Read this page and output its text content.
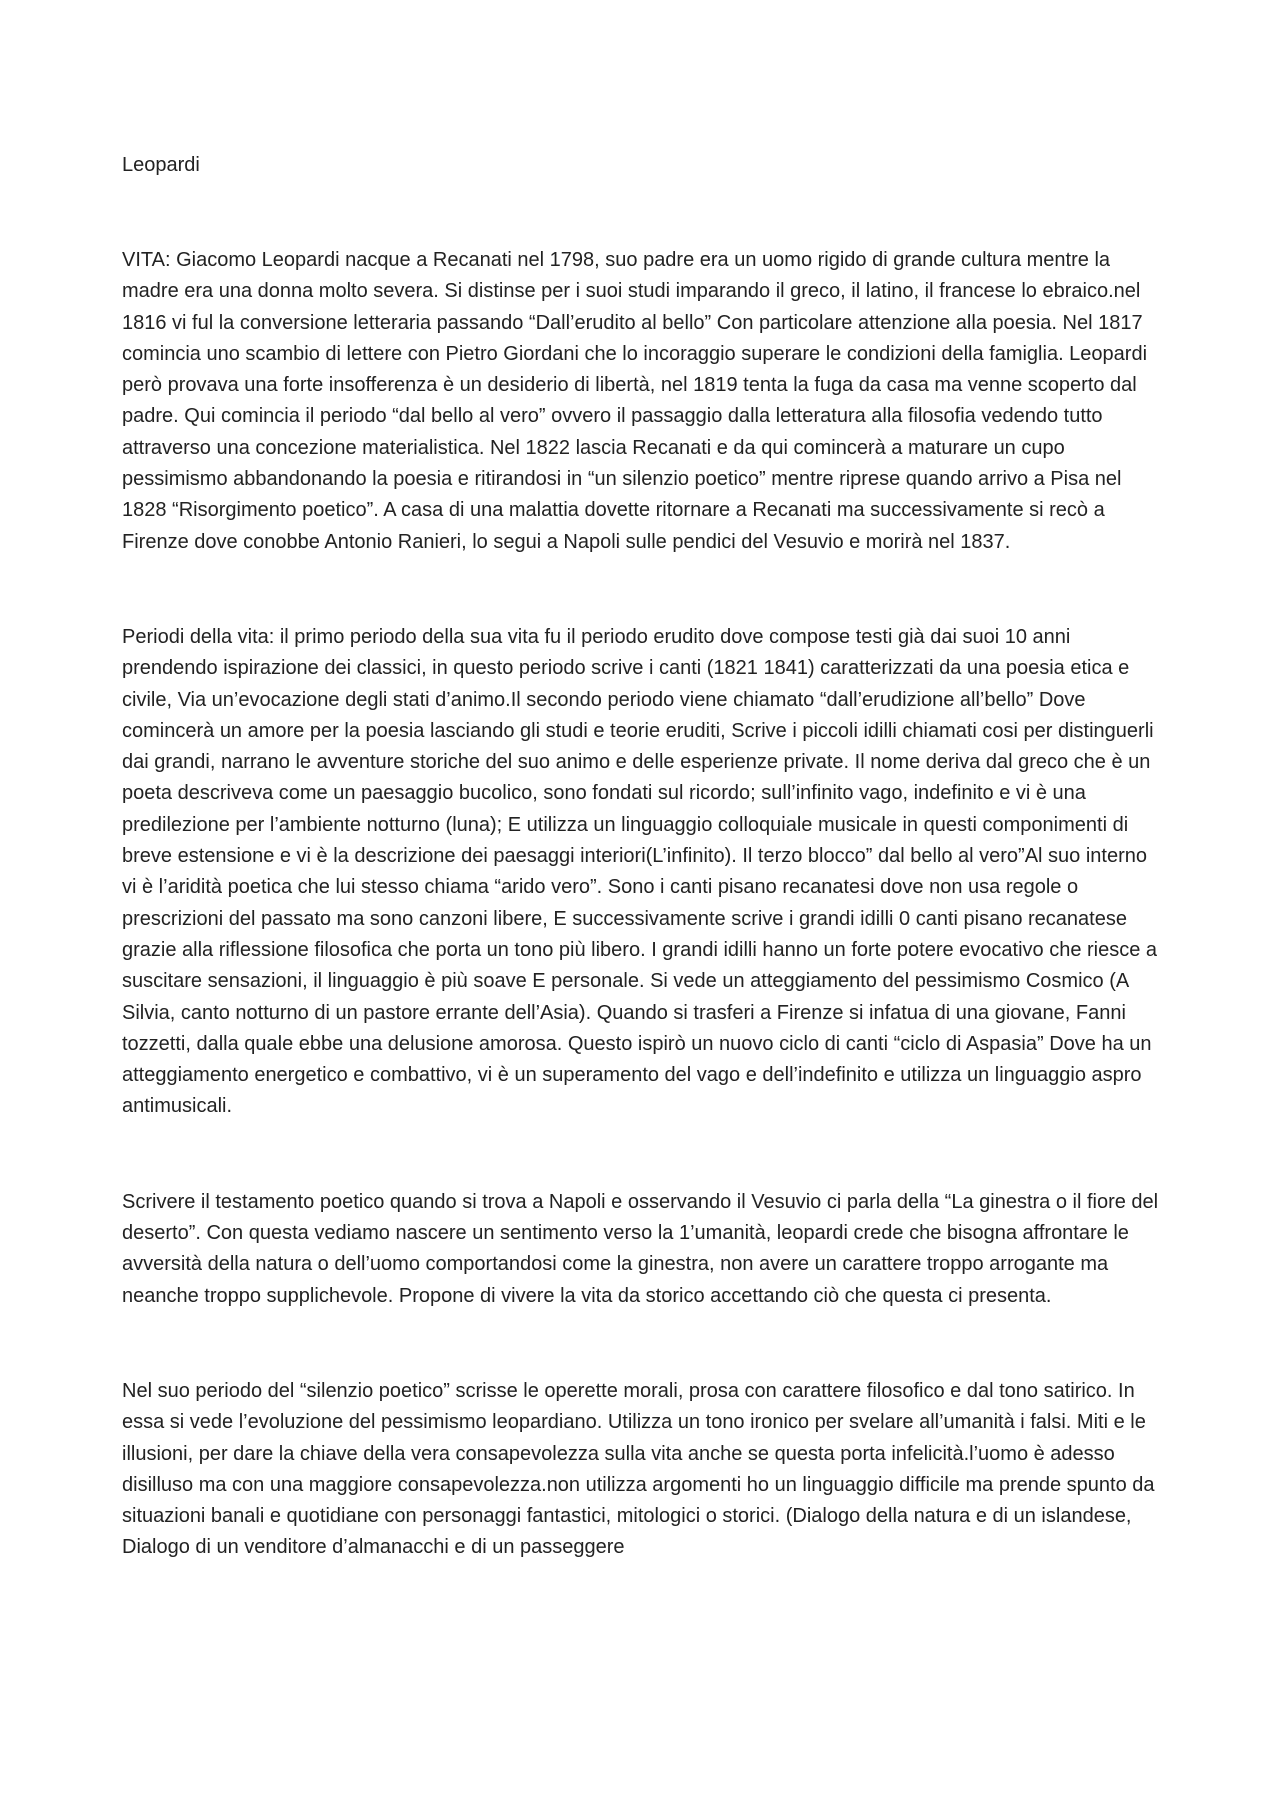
Leopardi

VITA: Giacomo Leopardi nacque a Recanati nel 1798, suo padre era un uomo rigido di grande cultura mentre la madre era una donna molto severa. Si distinse per i suoi studi imparando il greco, il latino, il francese lo ebraico.nel 1816 vi ful la conversione letteraria passando “Dall’erudito al bello” Con particolare attenzione alla poesia. Nel 1817 comincia uno scambio di lettere con Pietro Giordani che lo incoraggio superare le condizioni della famiglia. Leopardi però provava una forte insofferenza è un desiderio di libertà, nel 1819 tenta la fuga da casa ma venne scoperto dal padre. Qui comincia il periodo “dal bello al vero” ovvero il passaggio dalla letteratura alla filosofia vedendo tutto attraverso una concezione materialistica. Nel 1822 lascia Recanati e da qui comincerà a maturare un cupo pessimismo abbandonando la poesia e ritirandosi in “un silenzio poetico” mentre riprese quando arrivo a Pisa nel 1828 “Risorgimento poetico”. A casa di una malattia dovette ritornare a Recanati ma successivamente si recò a Firenze dove conobbe Antonio Ranieri, lo segui a Napoli sulle pendici del Vesuvio e morirà nel 1837.

Periodi della vita: il primo periodo della sua vita fu il periodo erudito dove compose testi già dai suoi 10 anni prendendo ispirazione dei classici, in questo periodo scrive i canti (1821 1841) caratterizzati da una poesia etica e civile, Via un’evocazione degli stati d’animo.Il secondo periodo viene chiamato “dall’erudizione all’bello” Dove comincerà un amore per la poesia lasciando gli studi e teorie eruditi, Scrive i piccoli idilli chiamati cosi per distinguerli dai grandi, narrano le avventure storiche del suo animo e delle esperienze private. Il nome deriva dal greco che è un poeta descriveva come un paesaggio bucolico, sono fondati sul ricordo; sull’infinito vago, indefinito e vi è una predilezione per l’ambiente notturno (luna); E utilizza un linguaggio colloquiale musicale in questi componimenti di breve estensione e vi è la descrizione dei paesaggi interiori(L’infinito). Il terzo blocco” dal bello al vero”Al suo interno vi è l’aridità poetica che lui stesso chiama “arido vero”. Sono i canti pisano recanatesi dove non usa regole o prescrizioni del passato ma sono canzoni libere, E successivamente scrive i grandi idilli 0 canti pisano recanatese grazie alla riflessione filosofica che porta un tono più libero. I grandi idilli hanno un forte potere evocativo che riesce a suscitare sensazioni, il linguaggio è più soave E personale. Si vede un atteggiamento del pessimismo Cosmico (A Silvia, canto notturno di un pastore errante dell’Asia). Quando si trasferi a Firenze si infatua di una giovane, Fanni tozzetti, dalla quale ebbe una delusione amorosa. Questo ispirò un nuovo ciclo di canti “ciclo di Aspasia” Dove ha un atteggiamento energetico e combattivo, vi è un superamento del vago e dell’indefinito e utilizza un linguaggio aspro antimusicali.

Scrivere il testamento poetico quando si trova a Napoli e osservando il Vesuvio ci parla della “La ginestra o il fiore del deserto”. Con questa vediamo nascere un sentimento verso la 1’umanità, leopardi crede che bisogna affrontare le avversità della natura o dell’uomo comportandosi come la ginestra, non avere un carattere troppo arrogante ma neanche troppo supplichevole. Propone di vivere la vita da storico accettando ciò che questa ci presenta.

Nel suo periodo del “silenzio poetico” scrisse le operette morali, prosa con carattere filosofico e dal tono satirico. In essa si vede l’evoluzione del pessimismo leopardiano. Utilizza un tono ironico per svelare all’umanità i falsi. Miti e le illusioni, per dare la chiave della vera consapevolezza sulla vita anche se questa porta infelicità.l’uomo è adesso disilluso ma con una maggiore consapevolezza.non utilizza argomenti ho un linguaggio difficile ma prende spunto da situazioni banali e quotidiane con personaggi fantastici, mitologici o storici. (Dialogo della natura e di un islandese, Dialogo di un venditore d’almanacchi e di un passeggere
